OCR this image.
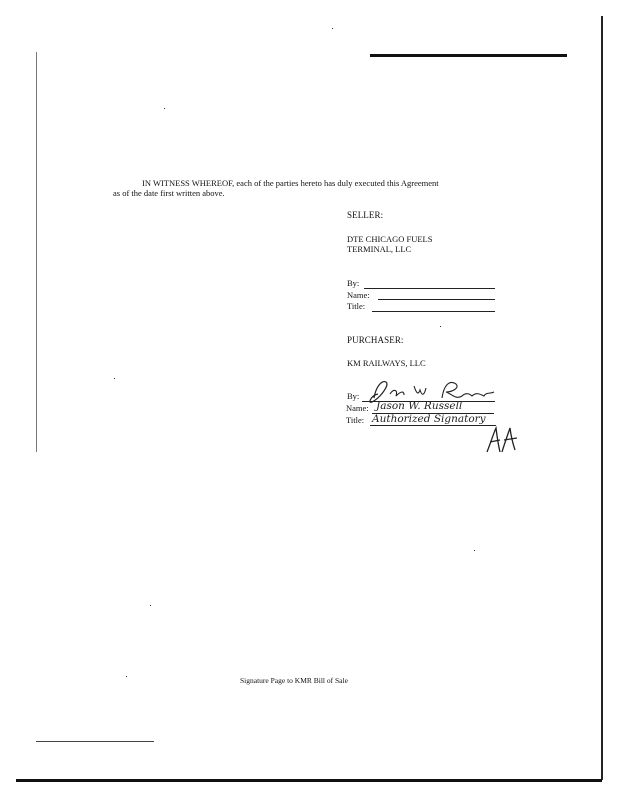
IN WITNESS WHEREOF, each of the parties hereto has duly executed this Agreement
as of the date first written above.
SELLER:
DTE CHICAGO FUELS
TERMINAL, LLC
By:
Name:
Title:
PURCHASER:
KM RAILWAYS, LLC
By:
Name:
Title:
Jason W. Russell
Authorized Signatory
Signature Page to KMR Bill of Sale
